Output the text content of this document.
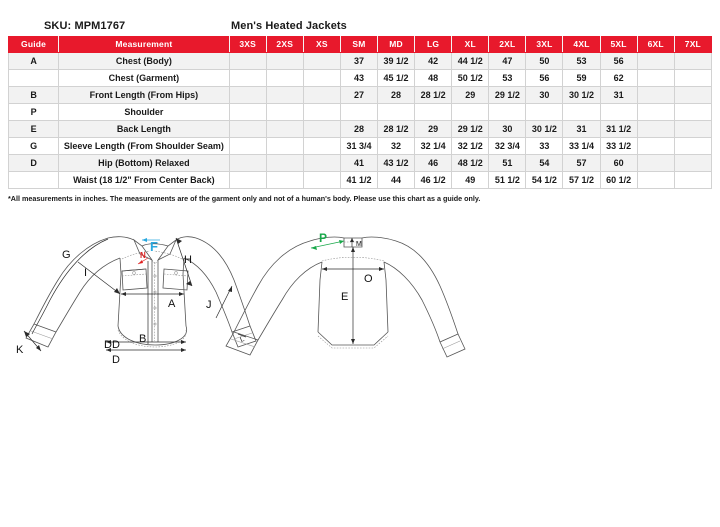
SKU: MPM1767	Men's Heated Jackets
Guide	Measurement	3XS	2XS	XS	SM	MD	LG	XL	2XL	3XL	4XL	5XL	6XL	7XL
A	Chest (Body)				37	39 1/2	42	44 1/2	47	50	53	56		
	Chest (Garment)				43	45 1/2	48	50 1/2	53	56	59	62		
B	Front Length (From Hips)				27	28	28 1/2	29	29 1/2	30	30 1/2	31		
P	Shoulder													
E	Back Length				28	28 1/2	29	29 1/2	30	30 1/2	31	31 1/2		
G	Sleeve Length (From Shoulder Seam)				31 3/4	32	32 1/4	32 1/2	32 3/4	33	33 1/4	33 1/2		
D	Hip (Bottom) Relaxed				41	43 1/2	46	48 1/2	51	54	57	60		
	Waist (18 1/2" From Center Back)				41 1/2	44	46 1/2	49	51 1/2	54 1/2	57 1/2	60 1/2		
*All measurements in inches. The measurements are of the garment only and not of a human's body. Please use this chart as a guide only.
A
B
D
DD
G
I
H
J
K
L
F
N
O
E
M
P
